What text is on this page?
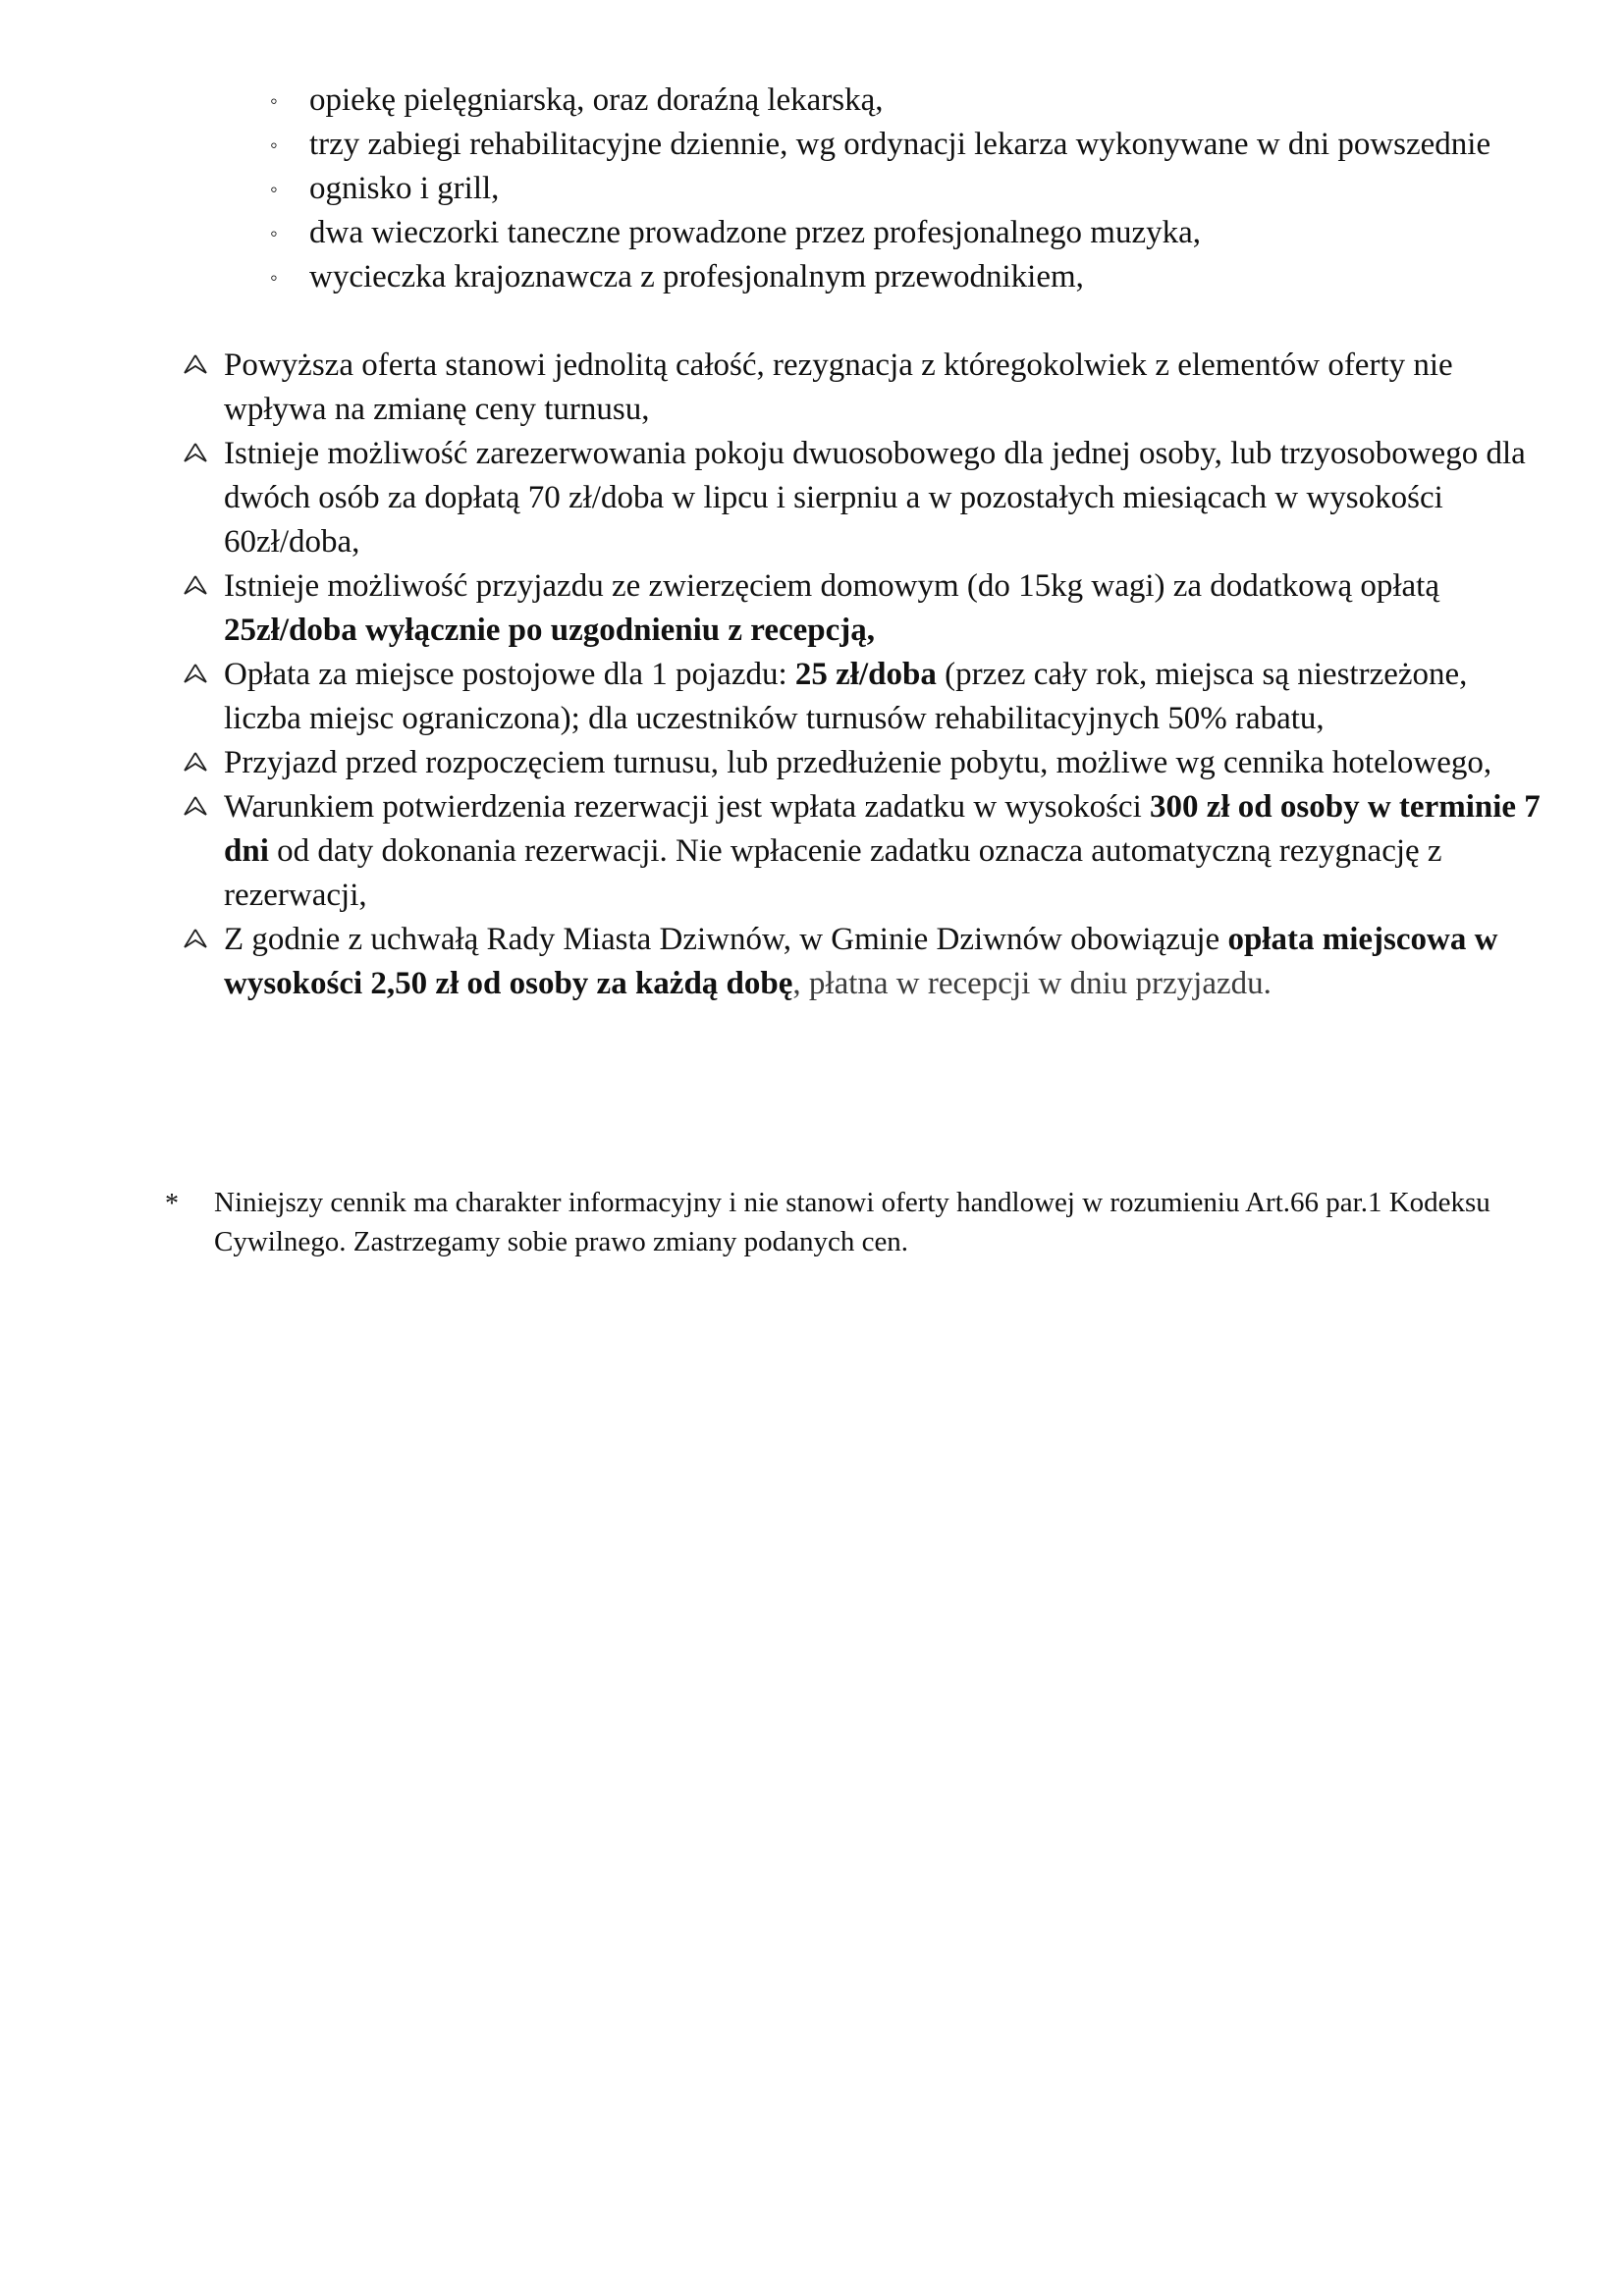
◦ opiekę pielęgniarską, oraz doraźną lekarską,
◦ trzy zabiegi rehabilitacyjne dziennie, wg ordynacji lekarza wykonywane w dni powszednie
◦ ognisko i grill,
◦ dwa wieczorki taneczne prowadzone przez profesjonalnego muzyka,
◦ wycieczka krajoznawcza z profesjonalnym przewodnikiem,
Powyższa oferta stanowi jednolitą całość, rezygnacja z któregokolwiek z elementów oferty nie wpływa na zmianę ceny turnusu,
Istnieje możliwość zarezerwowania pokoju dwuosobowego dla jednej osoby, lub trzyosobowego dla dwóch osób za dopłatą 70 zł/doba w lipcu i sierpniu a w pozostałych miesiącach w wysokości 60zł/doba,
Istnieje możliwość przyjazdu ze zwierzęciem domowym (do 15kg wagi) za dodatkową opłatą 25zł/doba wyłącznie po uzgodnieniu z recepcją,
Opłata za miejsce postojowe dla 1 pojazdu: 25 zł/doba (przez cały rok, miejsca są niestrzeżone, liczba miejsc ograniczona); dla uczestników turnusów rehabilitacyjnych 50% rabatu,
Przyjazd przed rozpoczęciem turnusu, lub przedłużenie pobytu, możliwe wg cennika hotelowego,
Warunkiem potwierdzenia rezerwacji jest wpłata zadatku w wysokości 300 zł od osoby w terminie 7 dni od daty dokonania rezerwacji. Nie wpłacenie zadatku oznacza automatyczną rezygnację z rezerwacji,
Z godnie z uchwałą Rady Miasta Dziwnów, w Gminie Dziwnów obowiązuje opłata miejscowa w wysokości 2,50 zł od osoby za każdą dobę, płatna w recepcji w dniu przyjazdu.
*	Niniejszy cennik ma charakter informacyjny i nie stanowi oferty handlowej w rozumieniu Art.66 par.1 Kodeksu Cywilnego. Zastrzegamy sobie prawo zmiany podanych cen.
